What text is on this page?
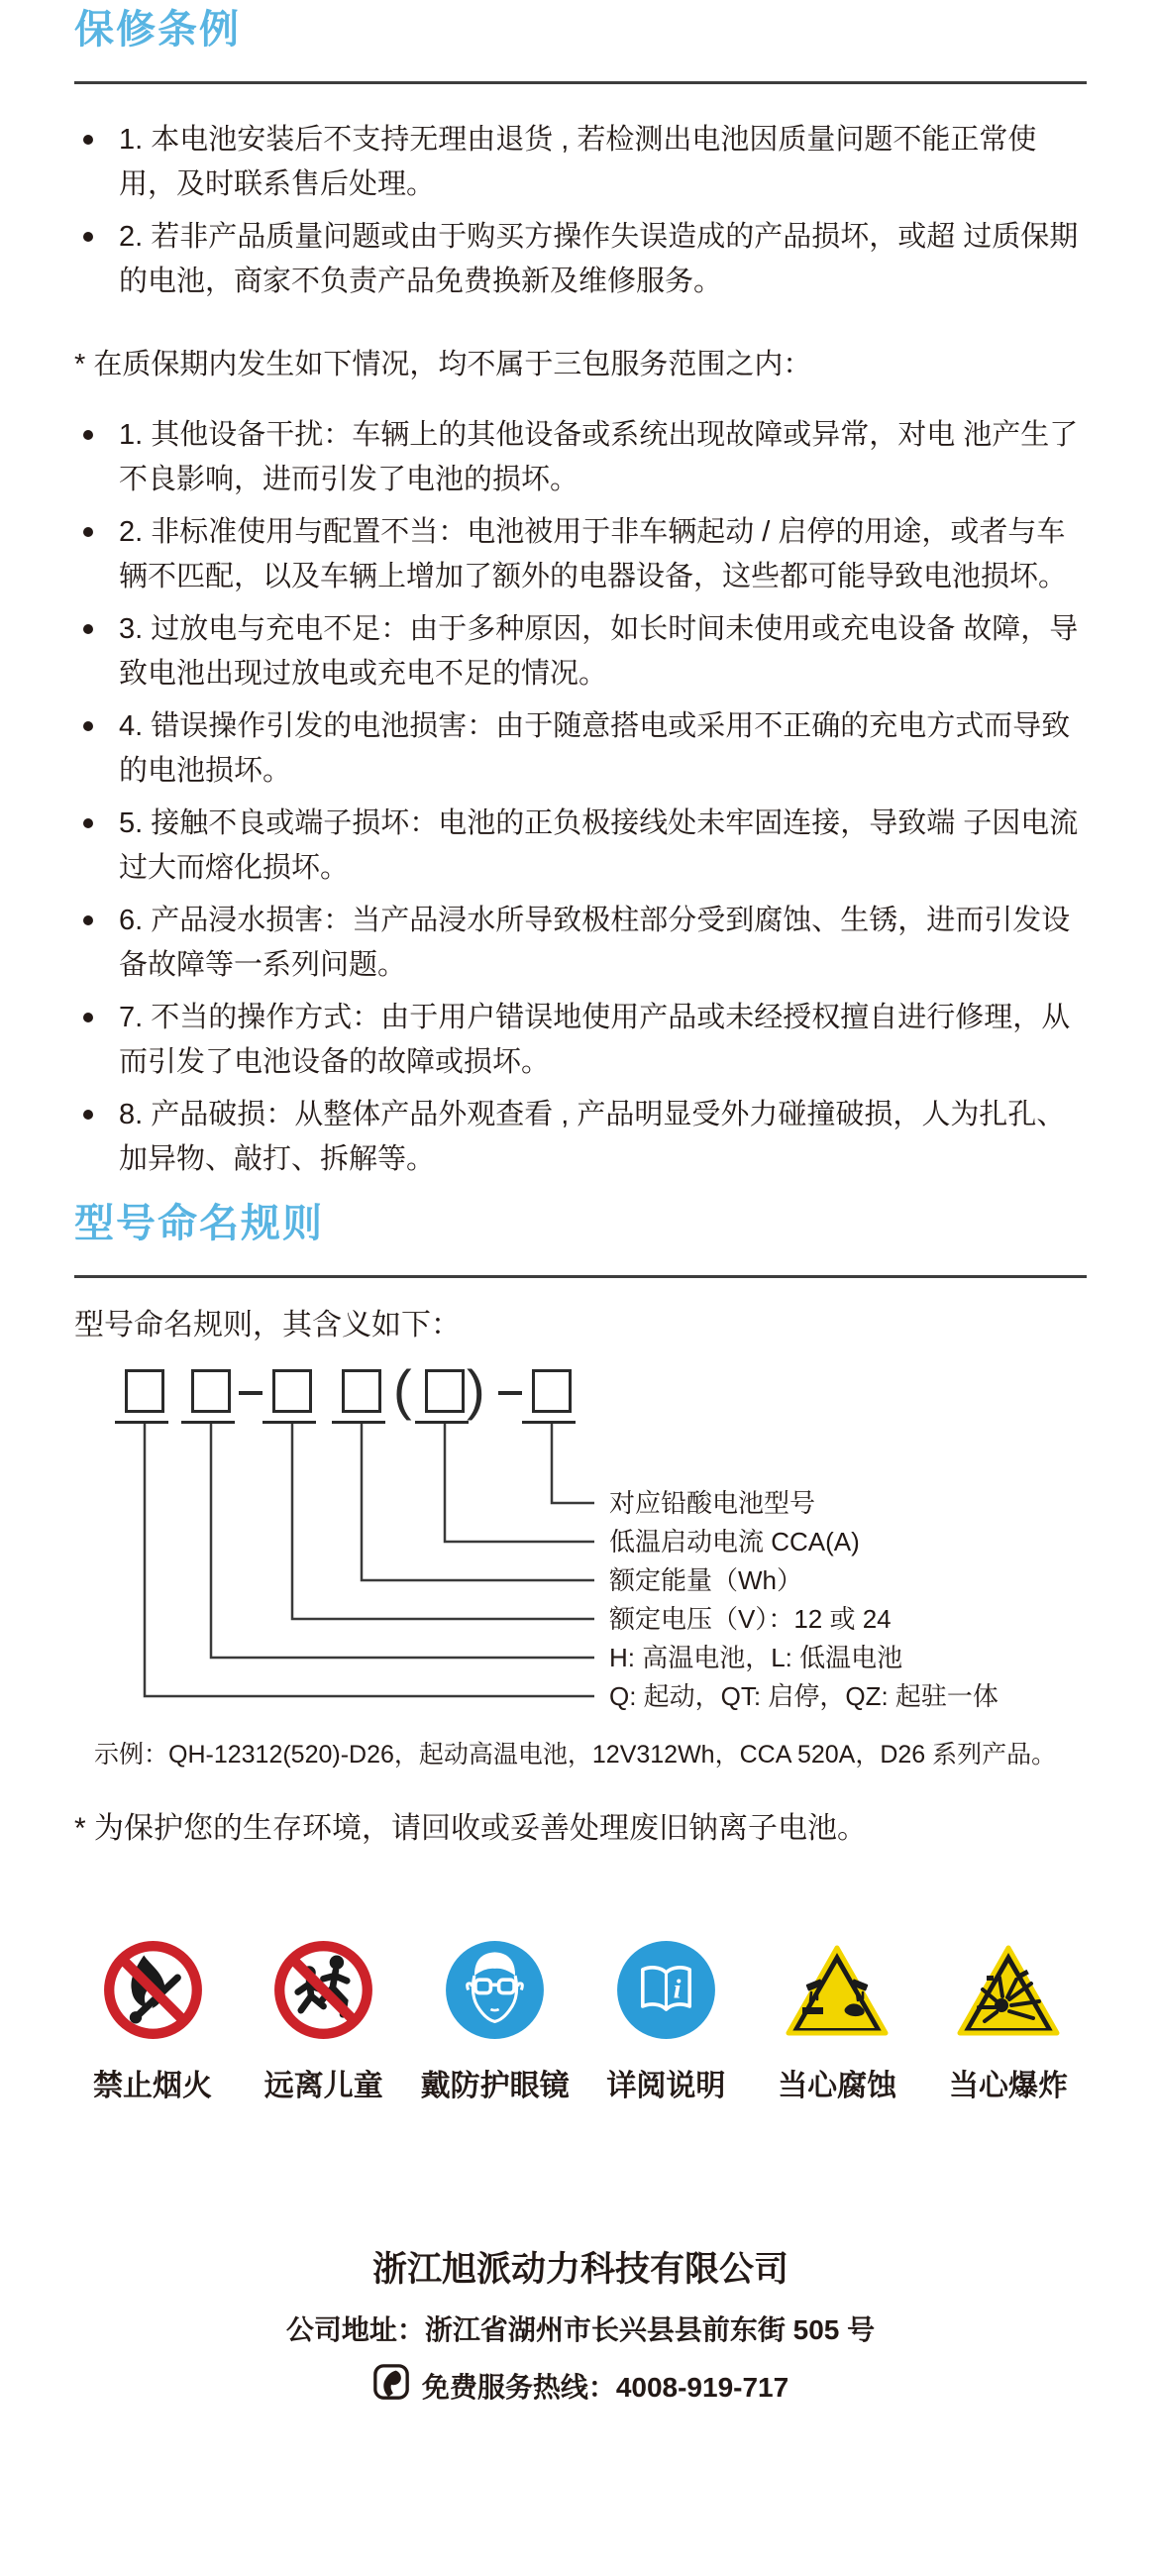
保修条例
1. 本电池安装后不支持无理由退货 , 若检测出电池因质量问题不能正常使用，及时联系售后处理。
2. 若非产品质量问题或由于购买方操作失误造成的产品损坏，或超 过质保期的电池，商家不负责产品免费换新及维修服务。

* 在质保期内发生如下情况，均不属于三包服务范围之内：

1. 其他设备干扰：车辆上的其他设备或系统出现故障或异常，对电 池产生了不良影响，进而引发了电池的损坏。
2. 非标准使用与配置不当：电池被用于非车辆起动 / 启停的用途，或者与车辆不匹配，以及车辆上增加了额外的电器设备，这些都可能导致电池损坏。
3. 过放电与充电不足：由于多种原因，如长时间未使用或充电设备 故障，导致电池出现过放电或充电不足的情况。
4. 错误操作引发的电池损害：由于随意搭电或采用不正确的充电方式而导致的电池损坏。
5. 接触不良或端子损坏：电池的正负极接线处未牢固连接，导致端 子因电流过大而熔化损坏。
6. 产品浸水损害：当产品浸水所导致极柱部分受到腐蚀、生锈，进而引发设备故障等一系列问题。
7. 不当的操作方式：由于用户错误地使用产品或未经授权擅自进行修理，从而引发了电池设备的故障或损坏。
8. 产品破损：从整体产品外观查看 , 产品明显受外力碰撞破损，人为扎孔、加异物、敲打、拆解等。
型号命名规则

型号命名规则，其含义如下：

( )
对应铅酸电池型号
低温启动电流 CCA(A)
额定能量（Wh）
额定电压（V）：12 或 24
H: 高温电池，L: 低温电池
Q: 起动，QT: 启停，QZ: 起驻一体

示例：QH-12312(520)-D26，起动高温电池，12V312Wh，CCA 520A，D26 系列产品。

* 为保护您的生存环境，请回收或妥善处理废旧钠离子电池。

禁止烟火 远离儿童 戴防护眼镜
i
详阅说明 当心腐蚀 当心爆炸
浙江旭派动力科技有限公司
公司地址：浙江省湖州市长兴县县前东街 505 号
免费服务热线：4008-919-717
